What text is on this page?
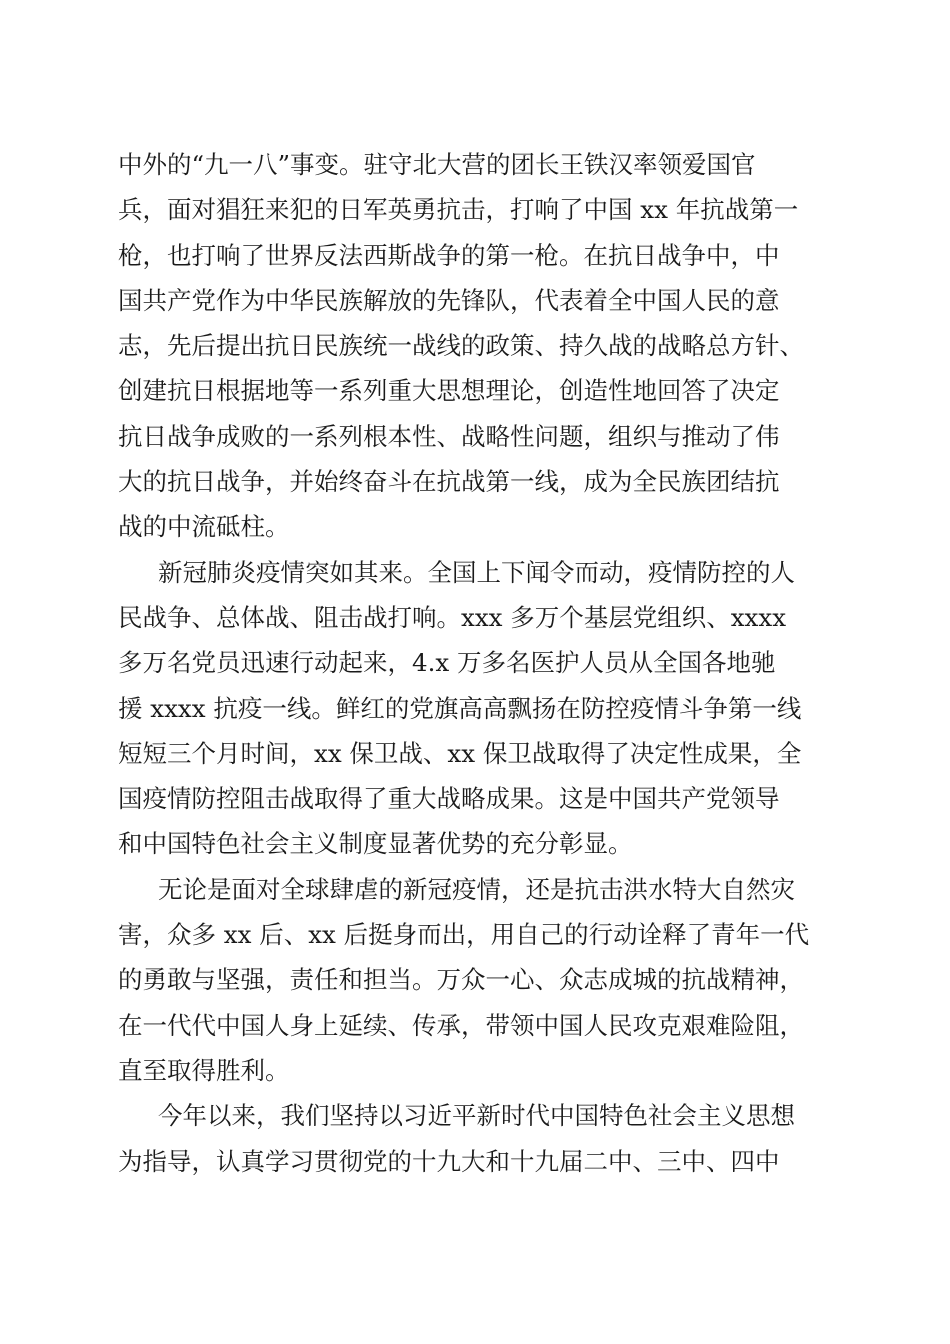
中外的“九一八”事变。驻守北大营的团长王铁汉率领爱国官
兵，面对猖狂来犯的日军英勇抗击，打响了中国 xx 年抗战第一
枪，也打响了世界反法西斯战争的第一枪。在抗日战争中，中
国共产党作为中华民族解放的先锋队，代表着全中国人民的意
志，先后提出抗日民族统一战线的政策、持久战的战略总方针、
创建抗日根据地等一系列重大思想理论，创造性地回答了决定
抗日战争成败的一系列根本性、战略性问题，组织与推动了伟
大的抗日战争，并始终奋斗在抗战第一线，成为全民族团结抗
战的中流砥柱。
新冠肺炎疫情突如其来。全国上下闻令而动，疫情防控的人
民战争、总体战、阻击战打响。xxx 多万个基层党组织、xxxx
多万名党员迅速行动起来，4.x 万多名医护人员从全国各地驰
援 xxxx 抗疫一线。鲜红的党旗高高飘扬在防控疫情斗争第一线
短短三个月时间，xx 保卫战、xx 保卫战取得了决定性成果，全
国疫情防控阻击战取得了重大战略成果。这是中国共产党领导
和中国特色社会主义制度显著优势的充分彰显。
无论是面对全球肆虐的新冠疫情，还是抗击洪水特大自然灾
害，众多 xx 后、xx 后挺身而出，用自己的行动诠释了青年一代
的勇敢与坚强，责任和担当。万众一心、众志成城的抗战精神，
在一代代中国人身上延续、传承，带领中国人民攻克艰难险阻，
直至取得胜利。
今年以来，我们坚持以习近平新时代中国特色社会主义思想
为指导，认真学习贯彻党的十九大和十九届二中、三中、四中
